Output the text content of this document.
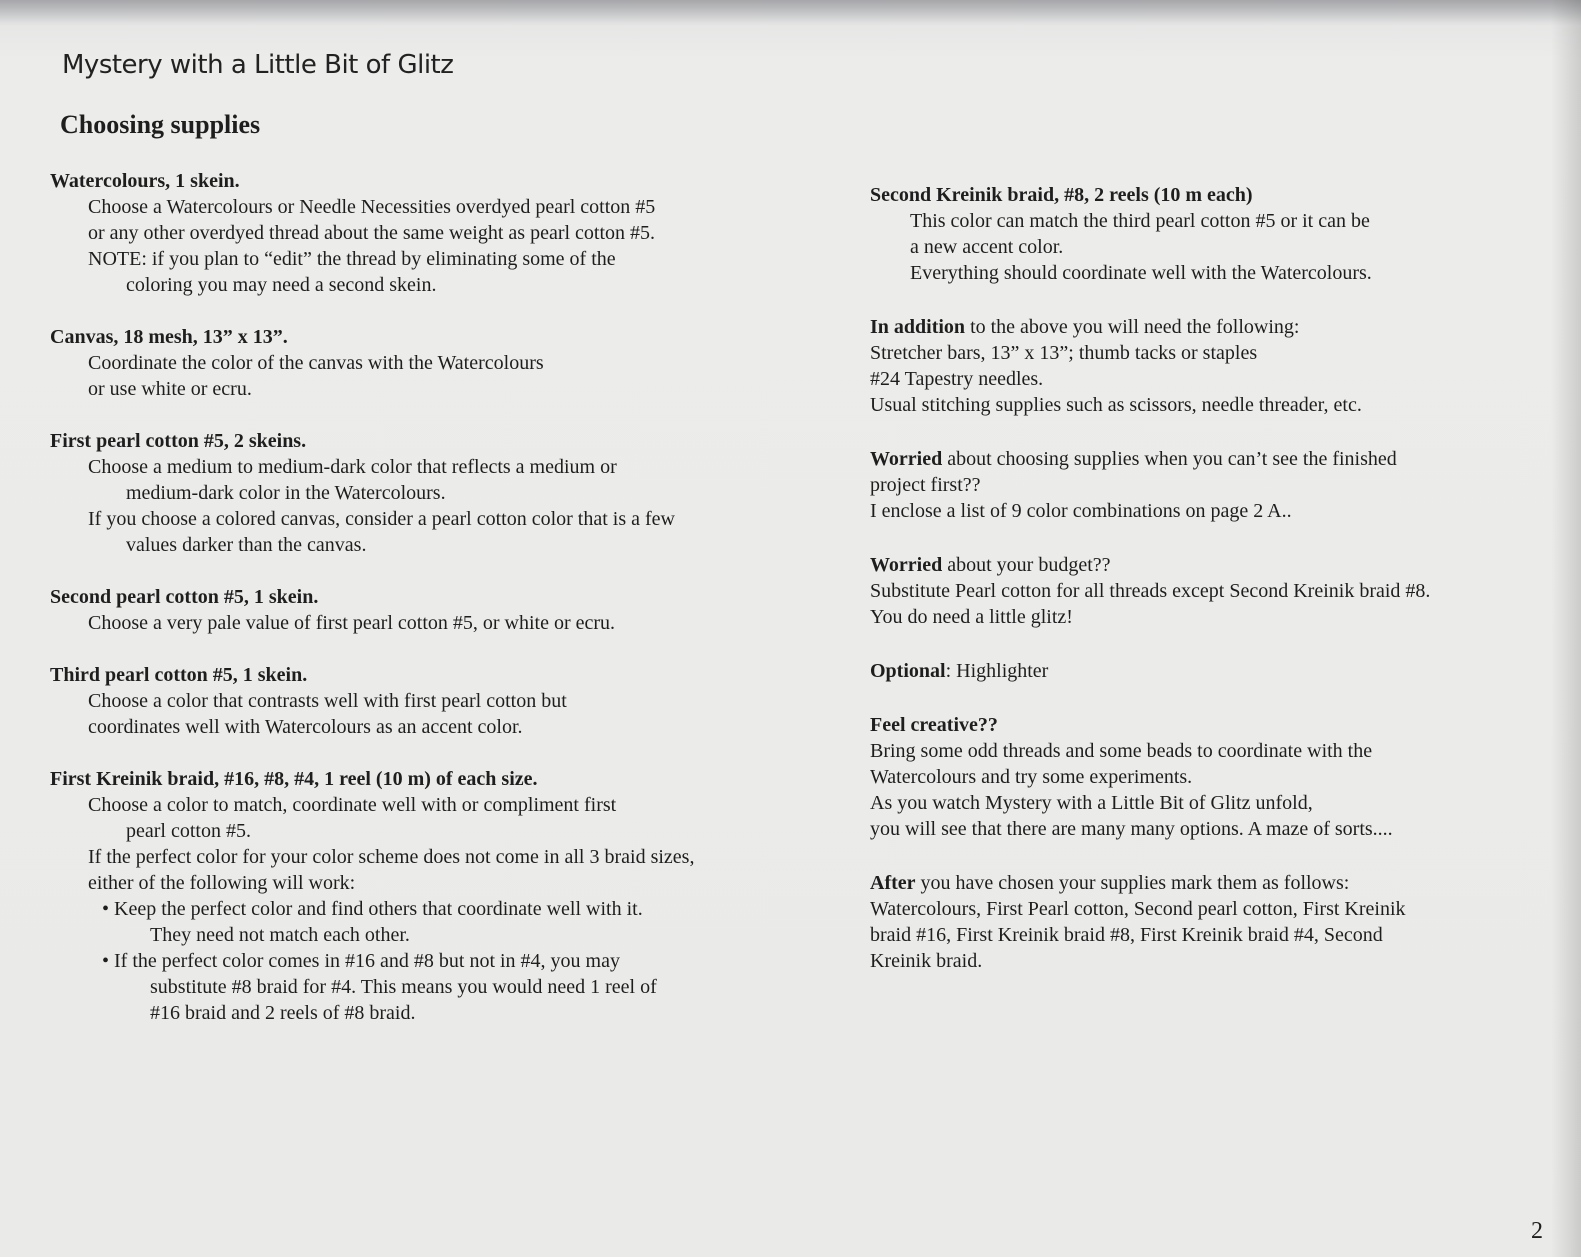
Mystery with a Little Bit of Glitz
Choosing supplies
Watercolours, 1 skein.
Choose a Watercolours or Needle Necessities overdyed pearl cotton #5
or any other overdyed thread about the same weight as pearl cotton #5.
NOTE: if you plan to “edit” the thread by eliminating some of the
coloring you may need a second skein.
Canvas, 18 mesh, 13” x 13”.
Coordinate the color of the canvas with the Watercolours
or use white or ecru.
First pearl cotton #5, 2 skeins.
Choose a medium to medium-dark color that reflects a medium or
medium-dark color in the Watercolours.
If you choose a colored canvas, consider a pearl cotton color that is a few
values darker than the canvas.
Second pearl cotton #5, 1 skein.
Choose a very pale value of first pearl cotton #5, or white or ecru.
Third pearl cotton #5, 1 skein.
Choose a color that contrasts well with first pearl cotton but
coordinates well with Watercolours as an accent color.
First Kreinik braid, #16, #8, #4, 1 reel (10 m) of each size.
Choose a color to match, coordinate well with or compliment first
pearl cotton #5.
If the perfect color for your color scheme does not come in all 3 braid sizes,
either of the following will work:
• Keep the perfect color and find others that coordinate well with it.
They need not match each other.
• If the perfect color comes in #16 and #8 but not in #4, you may
substitute #8 braid for #4. This means you would need 1 reel of
#16 braid and 2 reels of #8 braid.
Second Kreinik braid, #8, 2 reels (10 m each)
This color can match the third pearl cotton #5 or it can be
a new accent color.
Everything should coordinate well with the Watercolours.
In addition to the above you will need the following:
Stretcher bars, 13” x 13”; thumb tacks or staples
#24 Tapestry needles.
Usual stitching supplies such as scissors, needle threader, etc.
Worried about choosing supplies when you can’t see the finished
project first??
I enclose a list of 9 color combinations on page 2 A..
Worried about your budget??
Substitute Pearl cotton for all threads except Second Kreinik braid #8.
You do need a little glitz!
Optional: Highlighter
Feel creative??
Bring some odd threads and some beads to coordinate with the
Watercolours and try some experiments.
As you watch Mystery with a Little Bit of Glitz unfold,
you will see that there are many many options. A maze of sorts....
After you have chosen your supplies mark them as follows:
Watercolours, First Pearl cotton, Second pearl cotton, First Kreinik
braid #16, First Kreinik braid #8, First Kreinik braid #4, Second
Kreinik braid.
2
